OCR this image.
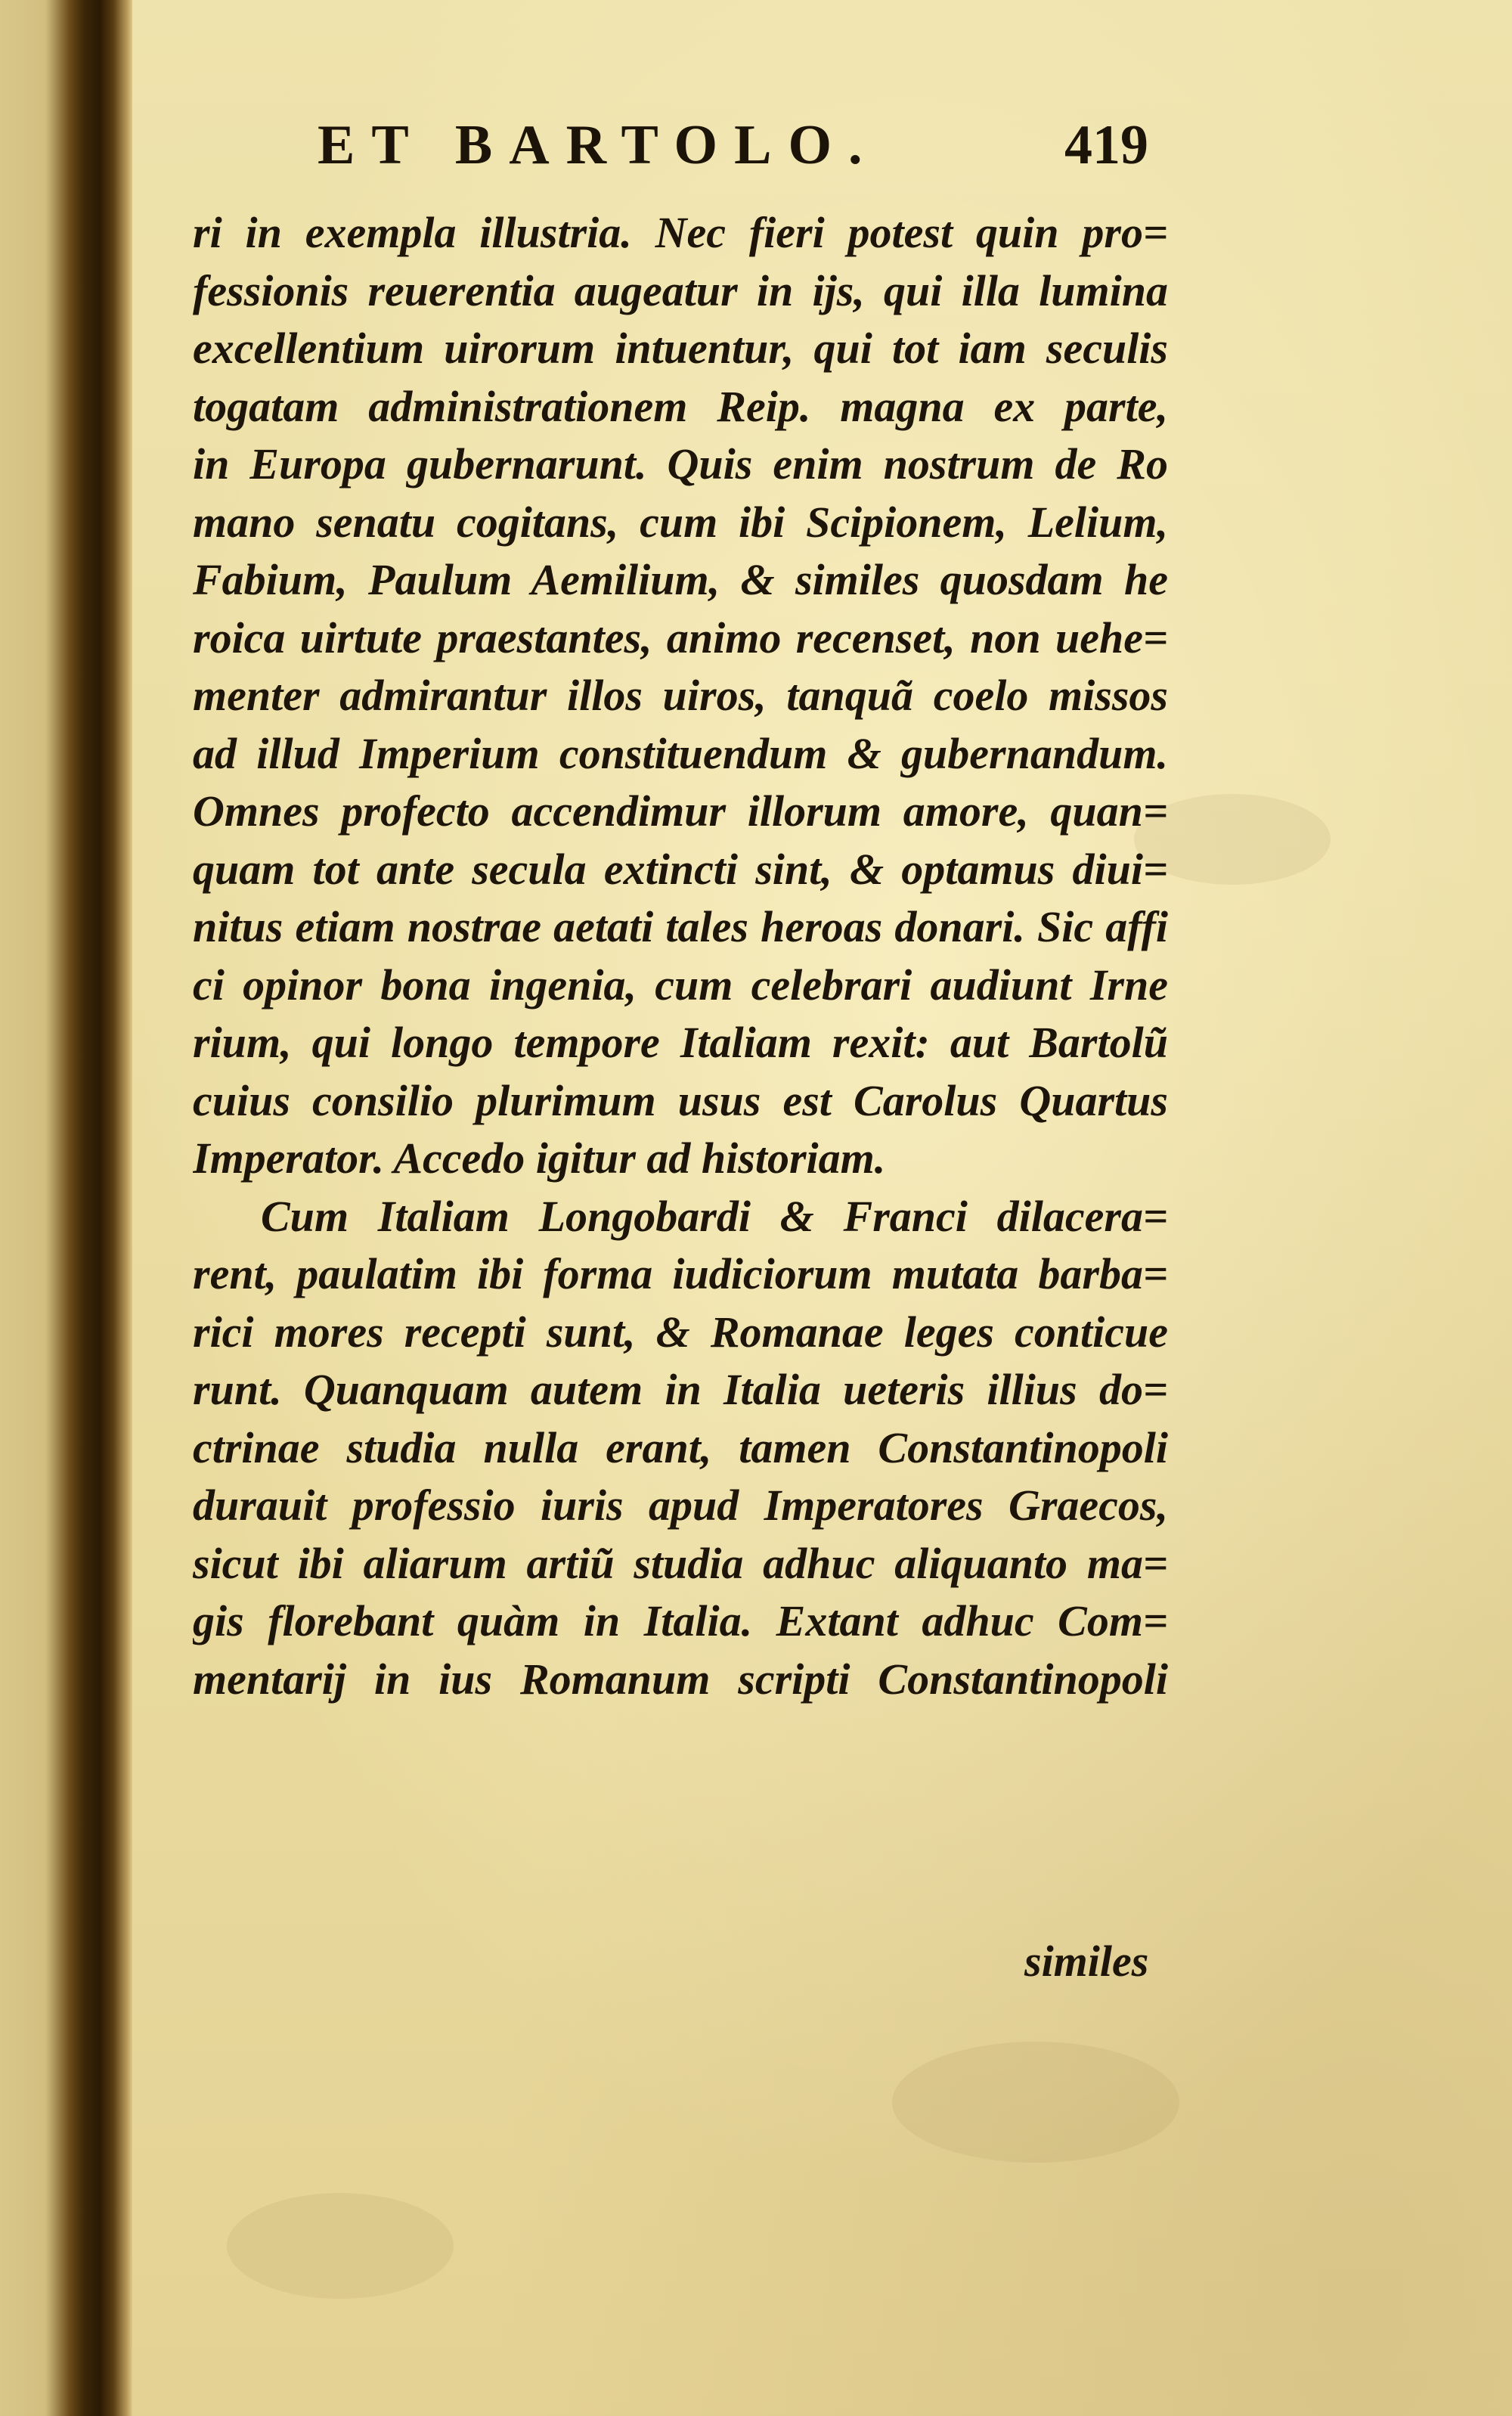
ET BARTOLO.	419
ri in exempla illustria. Nec fieri potest quin pro=
fessionis reuerentia augeatur in ijs, qui illa lumina
excellentium uirorum intuentur, qui tot iam seculis
togatam administrationem Reip. magna ex parte,
in Europa gubernarunt. Quis enim nostrum de Ro
mano senatu cogitans, cum ibi Scipionem, Lelium,
Fabium, Paulum Aemilium, & similes quosdam he
roica uirtute praestantes, animo recenset, non uehe=
menter admirantur illos uiros, tanquã coelo missos
ad illud Imperium constituendum & gubernandum.
Omnes profecto accendimur illorum amore, quan=
quam tot ante secula extincti sint, & optamus diui=
nitus etiam nostrae aetati tales heroas donari. Sic affi
ci opinor bona ingenia, cum celebrari audiunt Irne
rium, qui longo tempore Italiam rexit: aut Bartolũ
cuius consilio plurimum usus est Carolus Quartus
Imperator. Accedo igitur ad historiam.
Cum Italiam Longobardi & Franci dilacera=
rent, paulatim ibi forma iudiciorum mutata barba=
rici mores recepti sunt, & Romanae leges conticue
runt. Quanquam autem in Italia ueteris illius do=
ctrinae studia nulla erant, tamen Constantinopoli
durauit professio iuris apud Imperatores Graecos,
sicut ibi aliarum artiũ studia adhuc aliquanto ma=
gis florebant quàm in Italia. Extant adhuc Com=
mentarij in ius Romanum scripti Constantinopoli
similes
